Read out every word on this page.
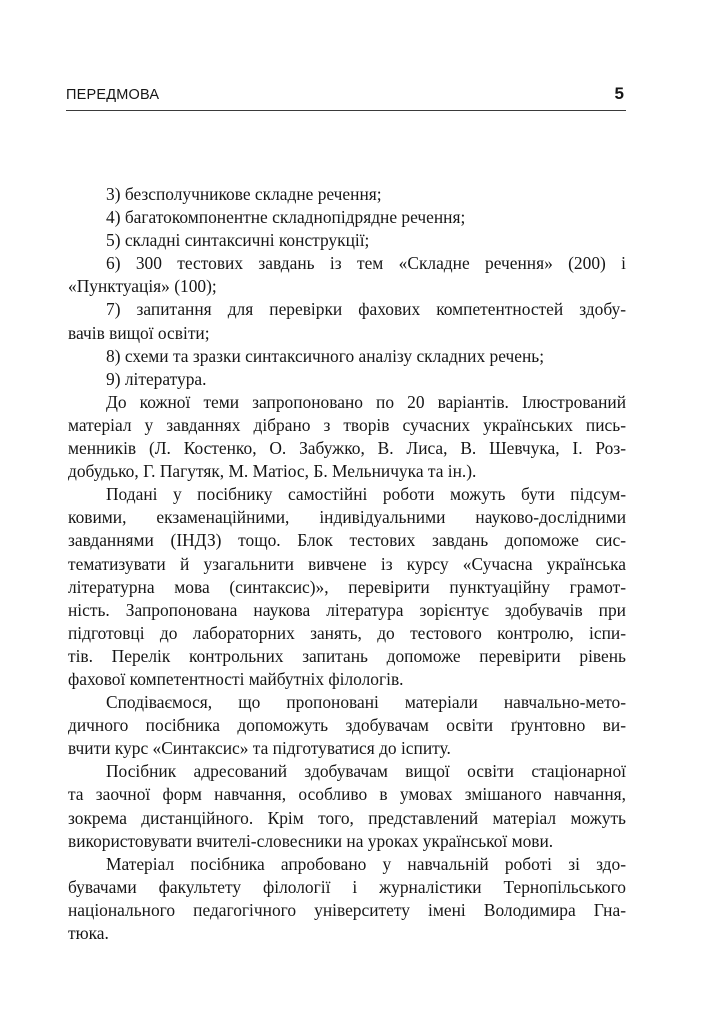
ПЕРЕДМОВА	5

3) безсполучникове складне речення;

4) багатокомпонентне складнопідрядне речення;

5) складні синтаксичні конструкції;

6) 300 тестових завдань із тем «Складне речення» (200) і

«Пунктуація» (100);

7) запитання для перевірки фахових компетентностей здобу-

вачів вищої освіти;

8) схеми та зразки синтаксичного аналізу складних речень;

9) література.

До кожної теми запропоновано по 20 варіантів. Ілюстрований

матеріал у завданнях дібрано з творів сучасних українських пись-

менників (Л. Костенко, О. Забужко, В. Лиса, В. Шевчука, І. Роз-

добудько, Г. Пагутяк, М. Матіос, Б. Мельничука та ін.).

Подані у посібнику самостійні роботи можуть бути підсум-

ковими, екзаменаційними, індивідуальними науково-дослідними

завданнями (ІНДЗ) тощо. Блок тестових завдань допоможе сис-

тематизувати й узагальнити вивчене із курсу «Сучасна українська

літературна мова (синтаксис)», перевірити пунктуаційну грамот-

ність. Запропонована наукова література зорієнтує здобувачів при

підготовці до лабораторних занять, до тестового контролю, іспи-

тів. Перелік контрольних запитань допоможе перевірити рівень

фахової компетентності майбутніх філологів.

Сподіваємося, що пропоновані матеріали навчально-мето-

дичного посібника допоможуть здобувачам освіти ґрунтовно ви-

вчити курс «Синтаксис» та підготуватися до іспиту.

Посібник адресований здобувачам вищої освіти стаціонарної

та заочної форм навчання, особливо в умовах змішаного навчання,

зокрема дистанційного. Крім того, представлений матеріал можуть

використовувати вчителі-словесники на уроках української мови.

Матеріал посібника апробовано у навчальній роботі зі здо-

бувачами факультету філології і журналістики Тернопільського

національного педагогічного університету імені Володимира Гна-

тюка.
